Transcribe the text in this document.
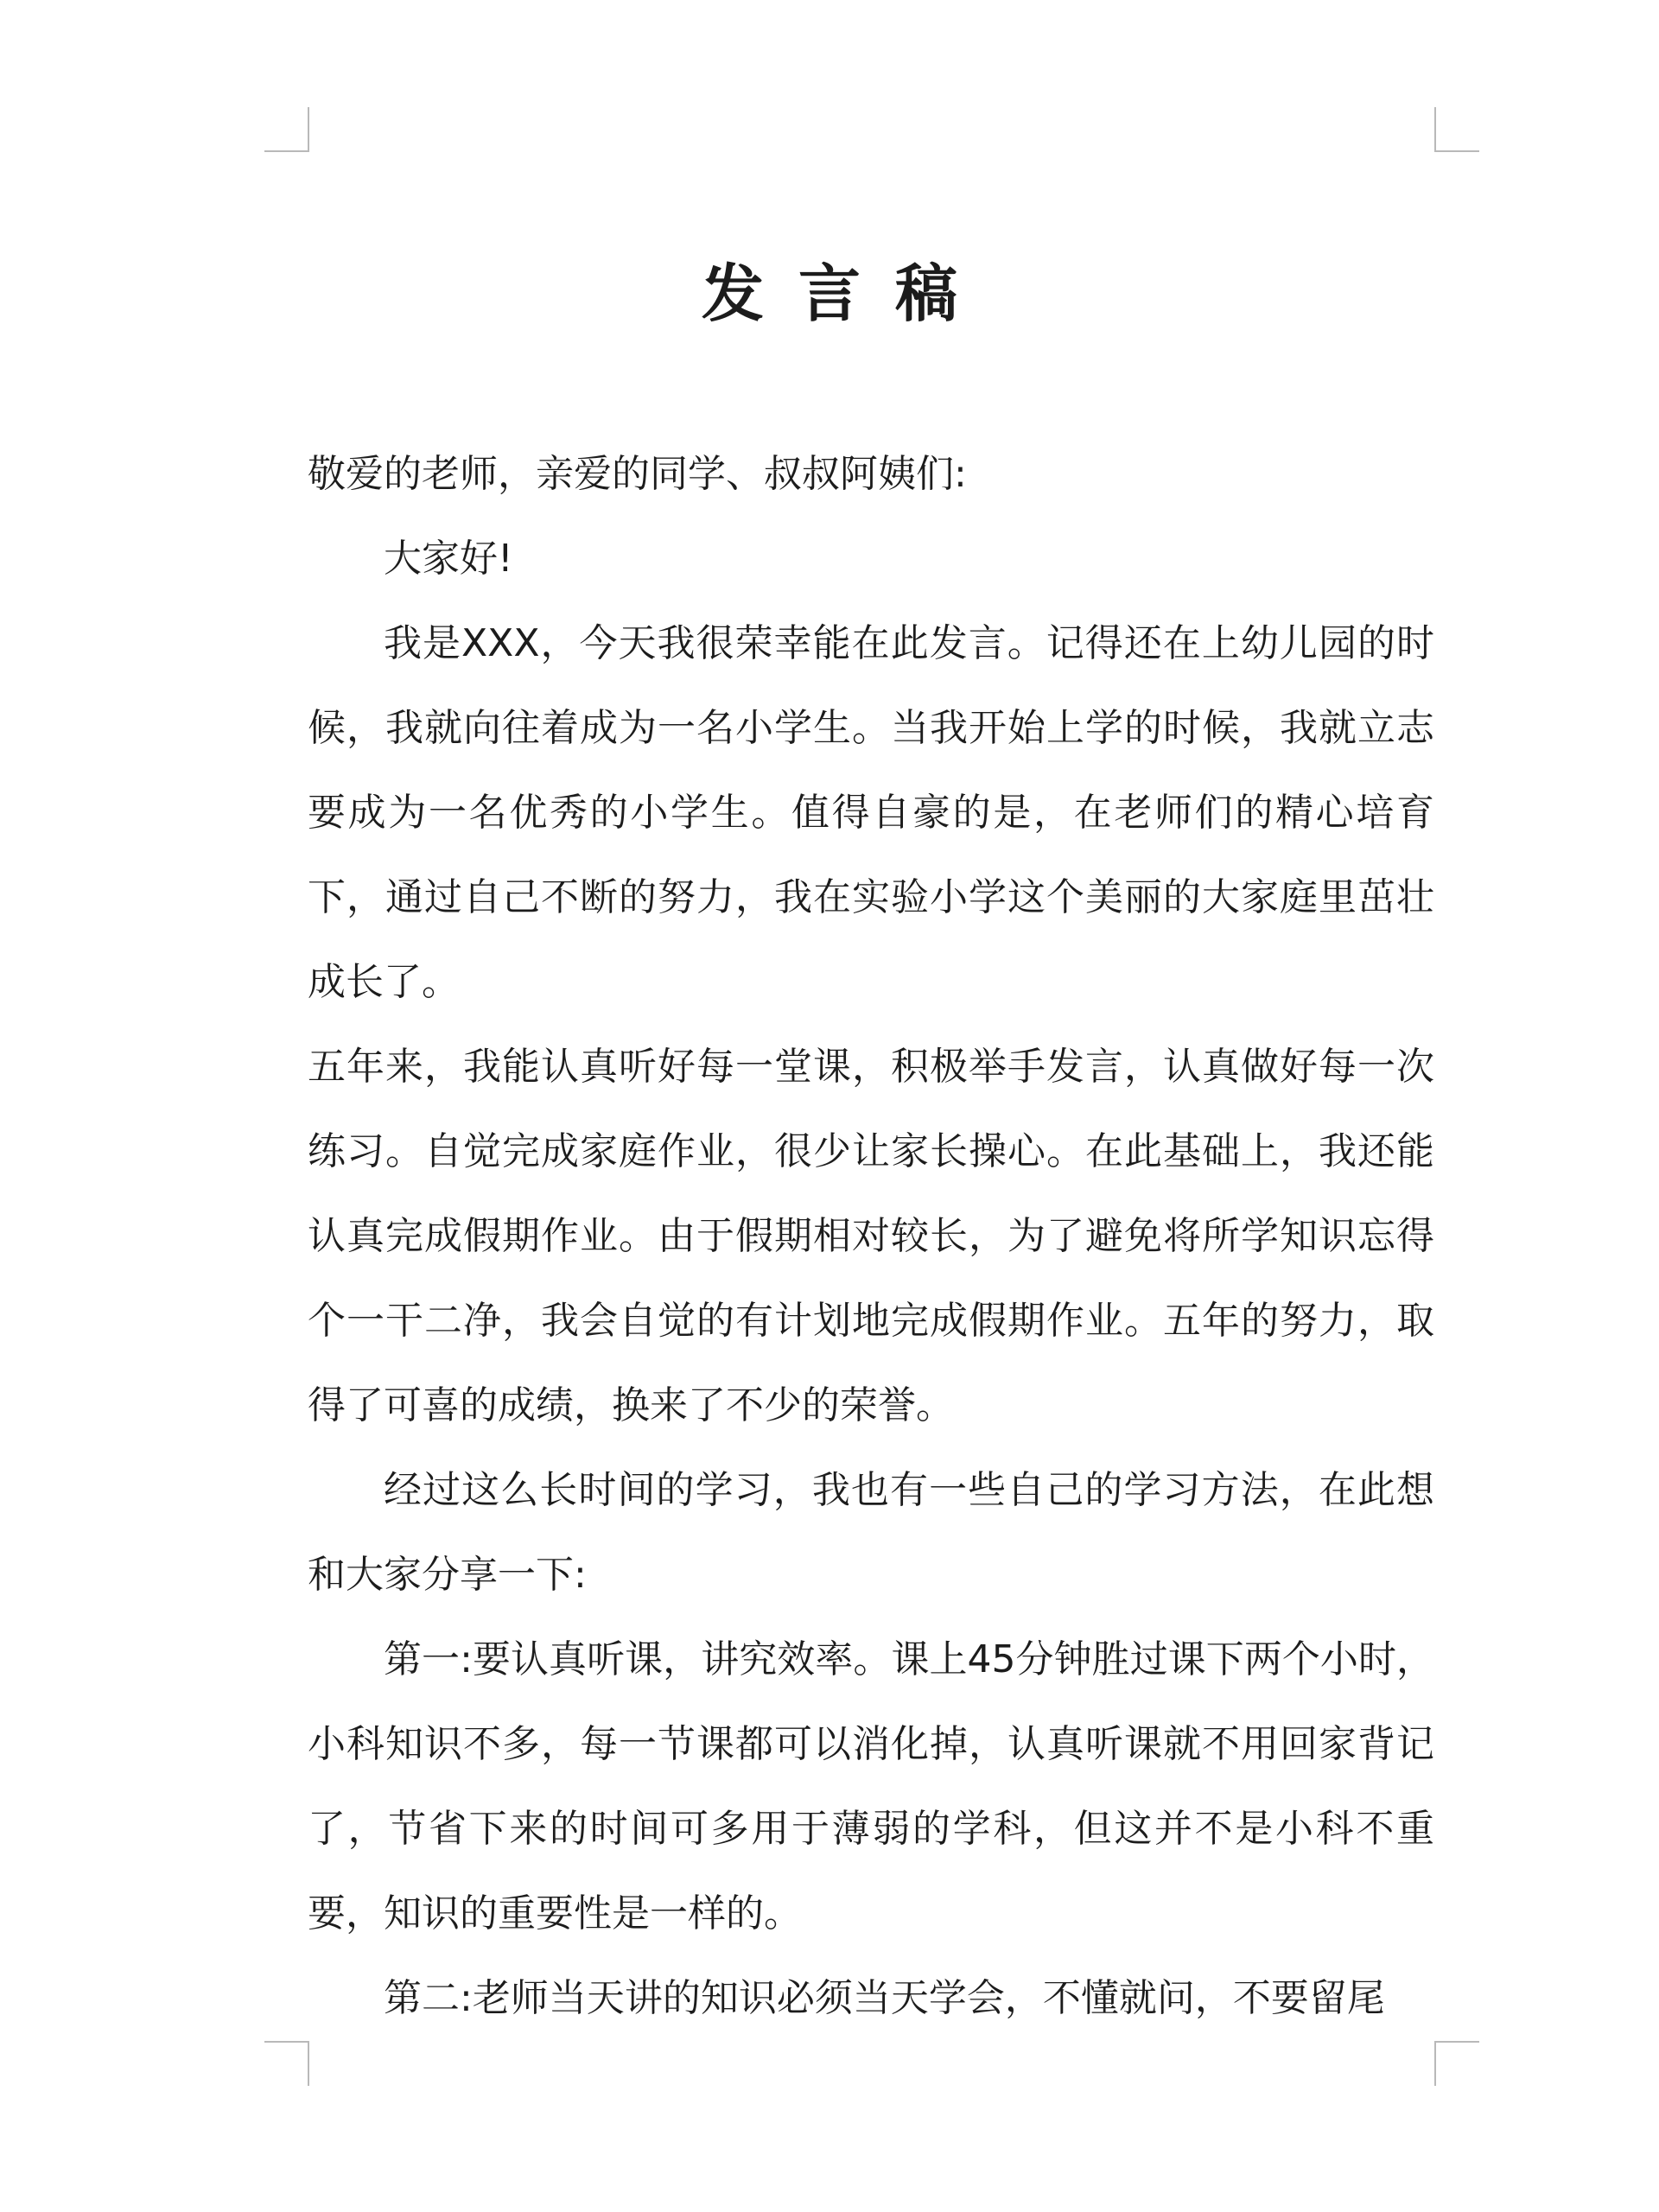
发言稿

敬爱的老师，亲爱的同学、叔叔阿姨们:

大家好!

我是XXX，今天我很荣幸能在此发言。记得还在上幼儿园的时候，我就向往着成为一名小学生。当我开始上学的时候，我就立志要成为一名优秀的小学生。值得自豪的是，在老师们的精心培育下，通过自己不断的努力，我在实验小学这个美丽的大家庭里茁壮成长了。

五年来，我能认真听好每一堂课，积极举手发言，认真做好每一次练习。自觉完成家庭作业，很少让家长操心。在此基础上，我还能认真完成假期作业。由于假期相对较长，为了避免将所学知识忘得个一干二净，我会自觉的有计划地完成假期作业。五年的努力，取得了可喜的成绩，换来了不少的荣誉。

经过这么长时间的学习，我也有一些自己的学习方法，在此想和大家分享一下:

第一:要认真听课，讲究效率。课上45分钟胜过课下两个小时，小科知识不多，每一节课都可以消化掉，认真听课就不用回家背记了，节省下来的时间可多用于薄弱的学科，但这并不是小科不重要，知识的重要性是一样的。

第二:老师当天讲的知识必须当天学会，不懂就问，不要留尾
